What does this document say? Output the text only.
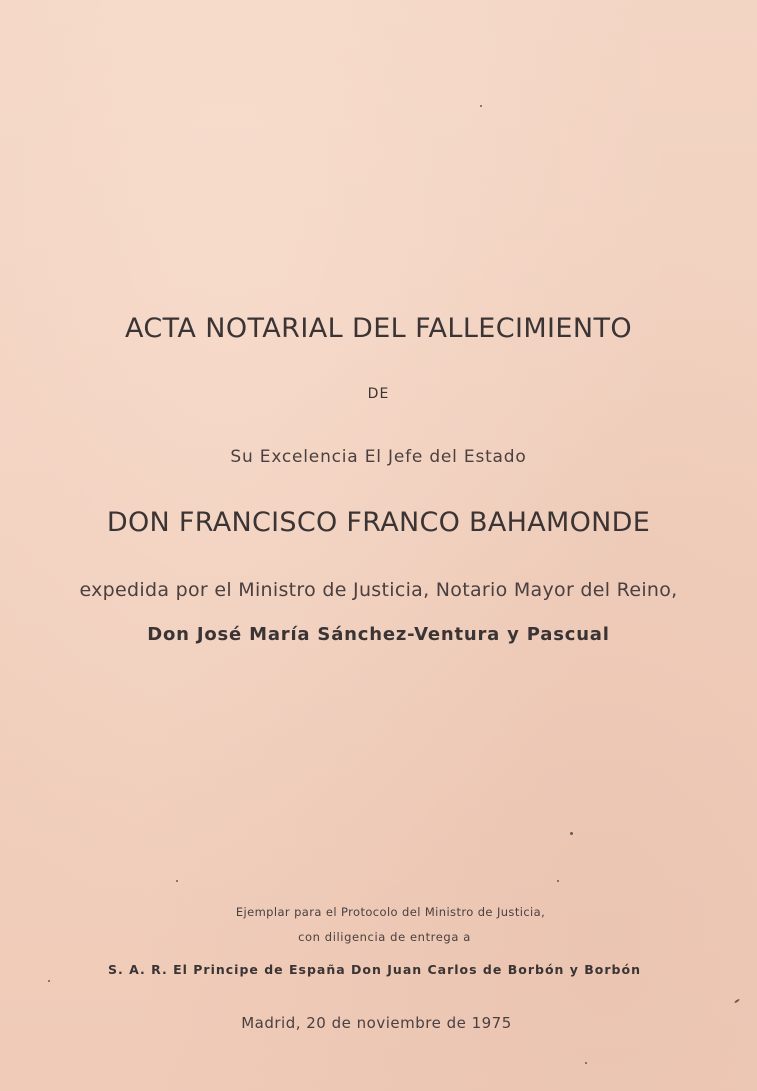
ACTA NOTARIAL DEL FALLECIMIENTO
DE
Su Excelencia El Jefe del Estado
DON FRANCISCO FRANCO BAHAMONDE
expedida por el Ministro de Justicia, Notario Mayor del Reino,
Don José María Sánchez-Ventura y Pascual
Ejemplar para el Protocolo del Ministro de Justicia,
con diligencia de entrega a
S. A. R. El Principe de España Don Juan Carlos de Borbón y Borbón
Madrid, 20 de noviembre de 1975
